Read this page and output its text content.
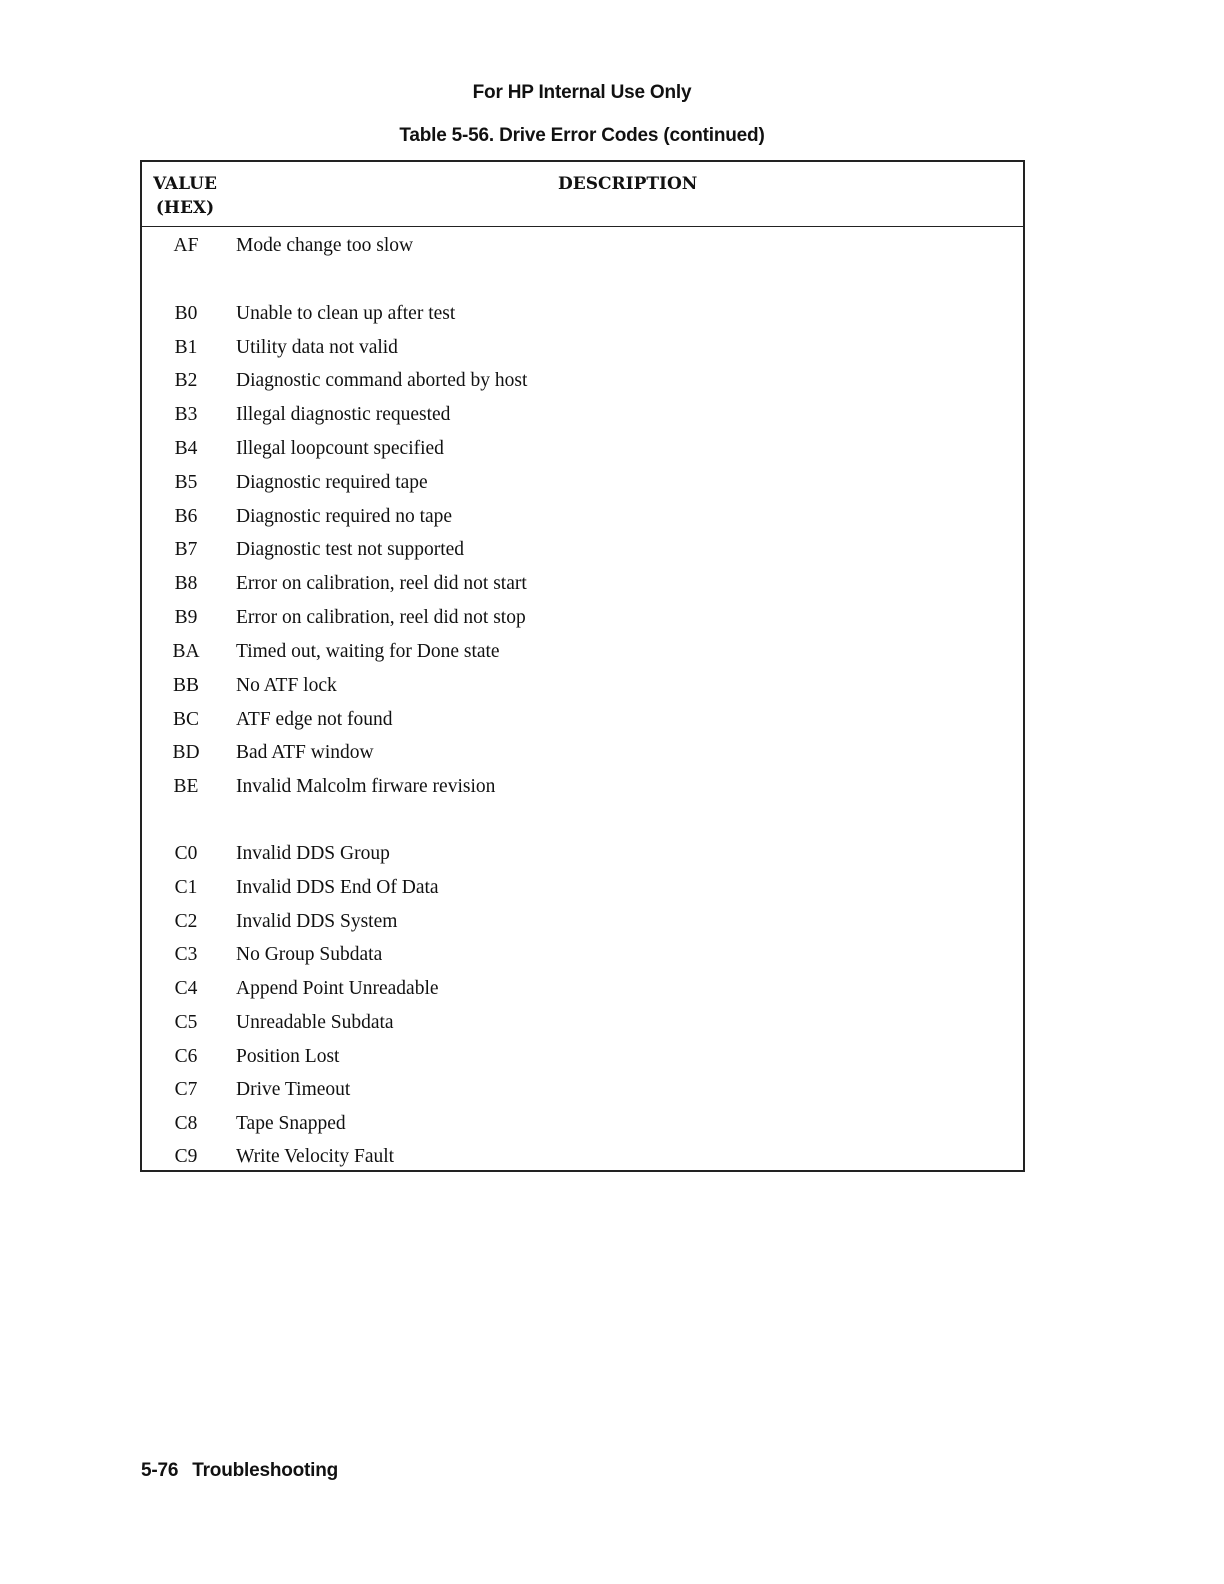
For HP Internal Use Only
Table 5-56. Drive Error Codes (continued)
VALUE
(HEX)
DESCRIPTION
AF	Mode change too slow
B0	Unable to clean up after test
B1	Utility data not valid
B2	Diagnostic command aborted by host
B3	Illegal diagnostic requested
B4	Illegal loopcount specified
B5	Diagnostic required tape
B6	Diagnostic required no tape
B7	Diagnostic test not supported
B8	Error on calibration, reel did not start
B9	Error on calibration, reel did not stop
BA	Timed out, waiting for Done state
BB	No ATF lock
BC	ATF edge not found
BD	Bad ATF window
BE	Invalid Malcolm firware revision
C0	Invalid DDS Group
C1	Invalid DDS End Of Data
C2	Invalid DDS System
C3	No Group Subdata
C4	Append Point Unreadable
C5	Unreadable Subdata
C6	Position Lost
C7	Drive Timeout
C8	Tape Snapped
C9	Write Velocity Fault
5-76 Troubleshooting
